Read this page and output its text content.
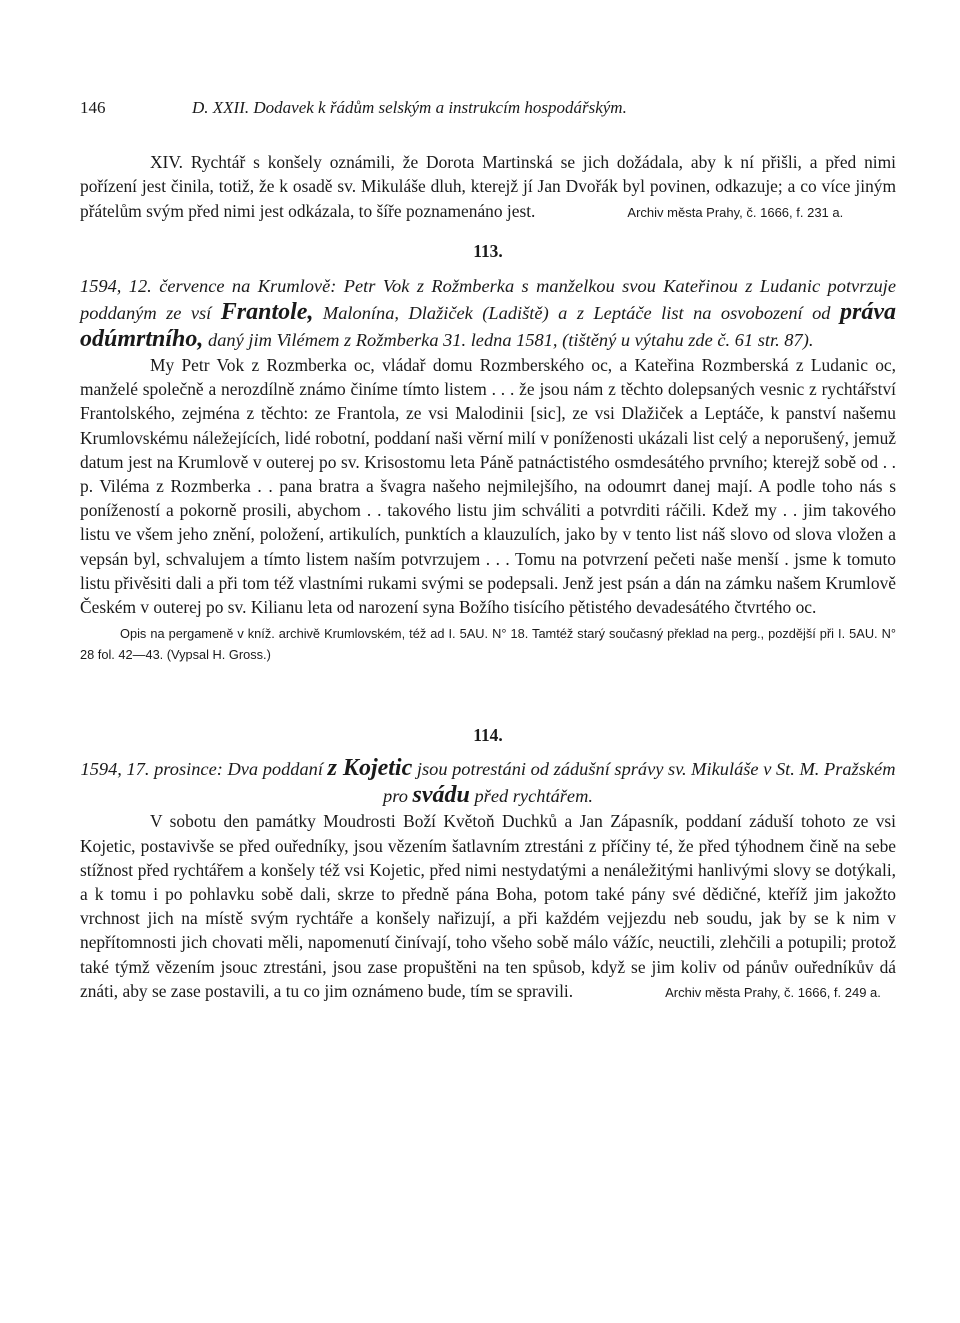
146	D. XXII. Dodavek k řádům selským a instrukcím hospodářským.

XIV. Rychtář s konšely oznámili, že Dorota Martinská se jich dožádala, aby k ní přišli, a před nimi pořízení jest činila, totiž, že k osadě sv. Mikuláše dluh, kterejž jí Jan Dvořák byl povinen, odkazuje; a co více jiným přátelům svým před nimi jest odkázala, to šíře poznamenáno jest.	Archiv města Prahy, č. 1666, f. 231 a.

113.

1594, 12. července na Krumlově: Petr Vok z Rožmberka s manželkou svou Kateřinou z Ludanic potvrzuje poddaným ze vsí Frantole, Malonína, Dlažiček (Ladiště) a z Leptáče list na osvobození od práva odúmrtního, daný jim Vilémem z Rožmberka 31. ledna 1581, (tištěný u výtahu zde č. 61 str. 87).

My Petr Vok z Rozmberka oc, vládař domu Rozmberského oc, a Kateřina Rozmberská z Ludanic oc, manželé společně a nerozdílně známo činíme tímto listem . . . že jsou nám z těchto dolepsaných vesnic z rychtářství Frantolského, zejména z těchto: ze Frantola, ze vsi Malodinii [sic], ze vsi Dlažiček a Leptáče, k panství našemu Krumlovskému náležejících, lidé robotní, poddaní naši věrní milí v poníženosti ukázali list celý a neporušený, jemuž datum jest na Krumlově v outerej po sv. Krisostomu leta Páně patnáctistého osmdesátého prvního; kterejž sobě od . . p. Viléma z Rozmberka . . pana bratra a švagra našeho nejmilejšího, na odoumrt danej mají. A podle toho nás s ponížeností a pokorně prosili, abychom . . takového listu jim schváliti a potvrditi ráčili. Kdež my . . jim takového listu ve všem jeho znění, položení, artikulích, punktích a klauzulích, jako by v tento list náš slovo od slova vložen a vepsán byl, schvalujem a tímto listem naším potvrzujem . . . Tomu na potvrzení pečeti naše menší . jsme k tomuto listu přivěsiti dali a při tom též vlastními rukami svými se podepsali. Jenž jest psán a dán na zámku našem Krumlově Českém v outerej po sv. Kilianu leta od narození syna Božího tisícího pětistého devadesátého čtvrtého oc.

Opis na pergameně v kníž. archivě Krumlovském, též ad I. 5AU. N° 18. Tamtéž starý současný překlad na perg., pozdější při I. 5AU. N° 28 fol. 42—43. (Vypsal H. Gross.)

114.

1594, 17. prosince: Dva poddaní z Kojetic jsou potrestáni od zádušní správy sv. Mikuláše v St. M. Pražském pro svádu před rychtářem.

V sobotu den památky Moudrosti Boží Květoň Duchků a Jan Zápasník, poddaní záduší tohoto ze vsi Kojetic, postavivše se před ouředníky, jsou vězením šatlavním ztrestáni z příčiny té, že před týhodnem čině na sebe stížnost před rychtářem a konšely též vsi Kojetic, před nimi nestydatými a nenáležitými hanlivými slovy se dotýkali, a k tomu i po pohlavku sobě dali, skrze to předně pána Boha, potom také pány své dědičné, kteříž jim jakožto vrchnost jich na místě svým rychtáře a konšely nařizují, a při každém vejjezdu neb soudu, jak by se k nim v nepřítomnosti jich chovati měli, napomenutí činívají, toho všeho sobě málo vážíc, neuctili, zlehčili a potupili; protož také týmž vězením jsouc ztrestáni, jsou zase propuštěni na ten spůsob, když se jim koliv od pánův ouředníkův dá znáti, aby se zase postavili, a tu co jim oznámeno bude, tím se spravili.	Archiv města Prahy, č. 1666, f. 249 a.
